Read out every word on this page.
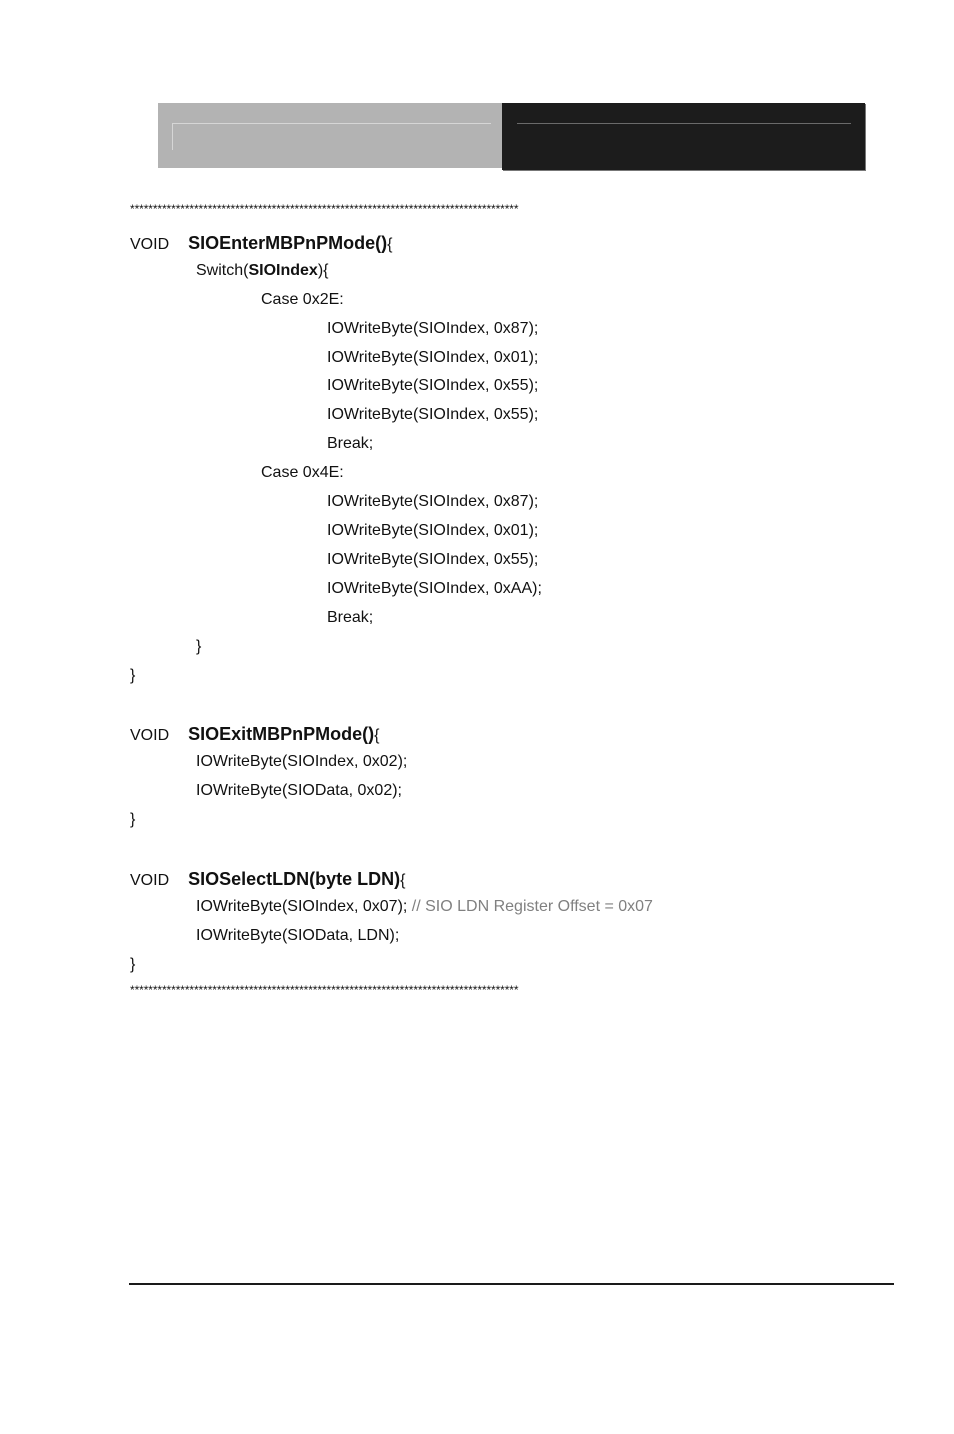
*************************************************************************************
VOID SIOEnterMBPnPMode(){
Switch(SIOIndex){
Case 0x2E:
IOWriteByte(SIOIndex, 0x87);
IOWriteByte(SIOIndex, 0x01);
IOWriteByte(SIOIndex, 0x55);
IOWriteByte(SIOIndex, 0x55);
Break;
Case 0x4E:
IOWriteByte(SIOIndex, 0x87);
IOWriteByte(SIOIndex, 0x01);
IOWriteByte(SIOIndex, 0x55);
IOWriteByte(SIOIndex, 0xAA);
Break;
}
}
VOID SIOExitMBPnPMode(){
IOWriteByte(SIOIndex, 0x02);
IOWriteByte(SIOData, 0x02);
}
VOID SIOSelectLDN(byte LDN){
IOWriteByte(SIOIndex, 0x07); // SIO LDN Register Offset = 0x07
IOWriteByte(SIOData, LDN);
}
*************************************************************************************
